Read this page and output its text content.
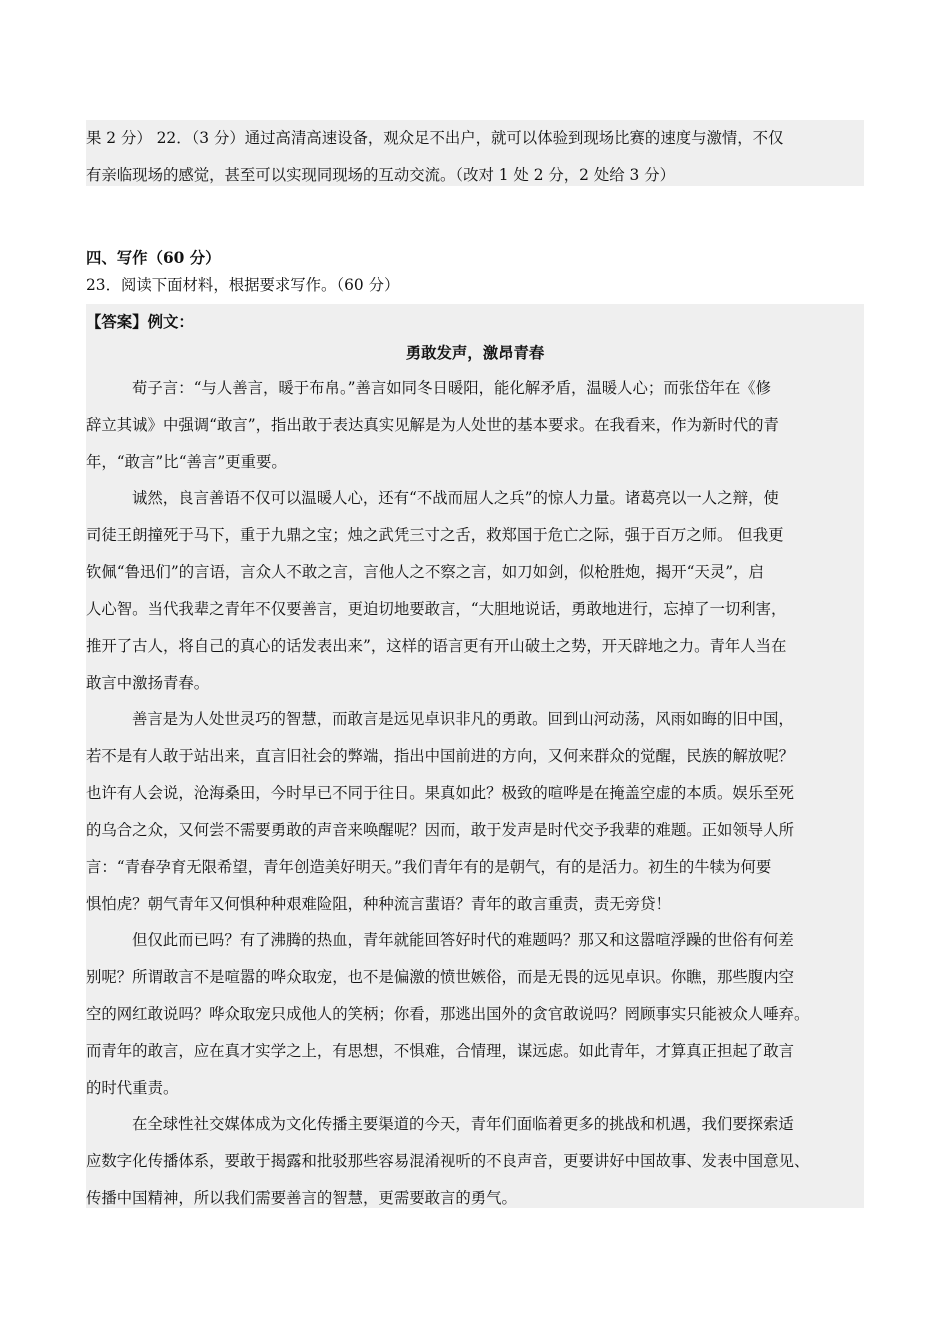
果 2 分） 22．（3 分）通过高清高速设备，观众足不出户，就可以体验到现场比赛的速度与激情，不仅
有亲临现场的感觉，甚至可以实现同现场的互动交流。（改对 1 处 2 分，2 处给 3 分）
四、写作（60 分）
23．阅读下面材料，根据要求写作。（60 分）
【答案】例文：
勇敢发声，激昂青春
荀子言：“与人善言，暖于布帛。”善言如同冬日暖阳，能化解矛盾，温暖人心；而张岱年在《修
辞立其诚》中强调“敢言”，指出敢于表达真实见解是为人处世的基本要求。在我看来，作为新时代的青
年，“敢言”比“善言”更重要。
诚然，良言善语不仅可以温暖人心，还有“不战而屈人之兵”的惊人力量。诸葛亮以一人之辩，使
司徒王朗撞死于马下，重于九鼎之宝；烛之武凭三寸之舌，救郑国于危亡之际，强于百万之师。 但我更
钦佩“鲁迅们”的言语，言众人不敢之言，言他人之不察之言，如刀如剑，似枪胜炮，揭开“天灵”，启
人心智。当代我辈之青年不仅要善言，更迫切地要敢言，“大胆地说话，勇敢地进行，忘掉了一切利害，
推开了古人，将自己的真心的话发表出来”，这样的语言更有开山破土之势，开天辟地之力。青年人当在
敢言中激扬青春。
善言是为人处世灵巧的智慧，而敢言是远见卓识非凡的勇敢。回到山河动荡，风雨如晦的旧中国，
若不是有人敢于站出来，直言旧社会的弊端，指出中国前进的方向，又何来群众的觉醒，民族的解放呢？
也许有人会说，沧海桑田，今时早已不同于往日。果真如此？极致的喧哗是在掩盖空虚的本质。娱乐至死
的乌合之众，又何尝不需要勇敢的声音来唤醒呢？因而，敢于发声是时代交予我辈的难题。正如领导人所
言：“青春孕育无限希望，青年创造美好明天。”我们青年有的是朝气，有的是活力。初生的牛犊为何要
惧怕虎？朝气青年又何惧种种艰难险阻，种种流言蜚语？青年的敢言重责，责无旁贷！
但仅此而已吗？有了沸腾的热血，青年就能回答好时代的难题吗？那又和这嚣喧浮躁的世俗有何差
别呢？所谓敢言不是喧嚣的哗众取宠，也不是偏激的愤世嫉俗，而是无畏的远见卓识。你瞧，那些腹内空
空的网红敢说吗？哗众取宠只成他人的笑柄；你看，那逃出国外的贪官敢说吗？罔顾事实只能被众人唾弃。
而青年的敢言，应在真才实学之上，有思想，不惧难，合情理，谋远虑。如此青年，才算真正担起了敢言
的时代重责。
在全球性社交媒体成为文化传播主要渠道的今天，青年们面临着更多的挑战和机遇，我们要探索适
应数字化传播体系，要敢于揭露和批驳那些容易混淆视听的不良声音，更要讲好中国故事、发表中国意见、
传播中国精神，所以我们需要善言的智慧，更需要敢言的勇气。
